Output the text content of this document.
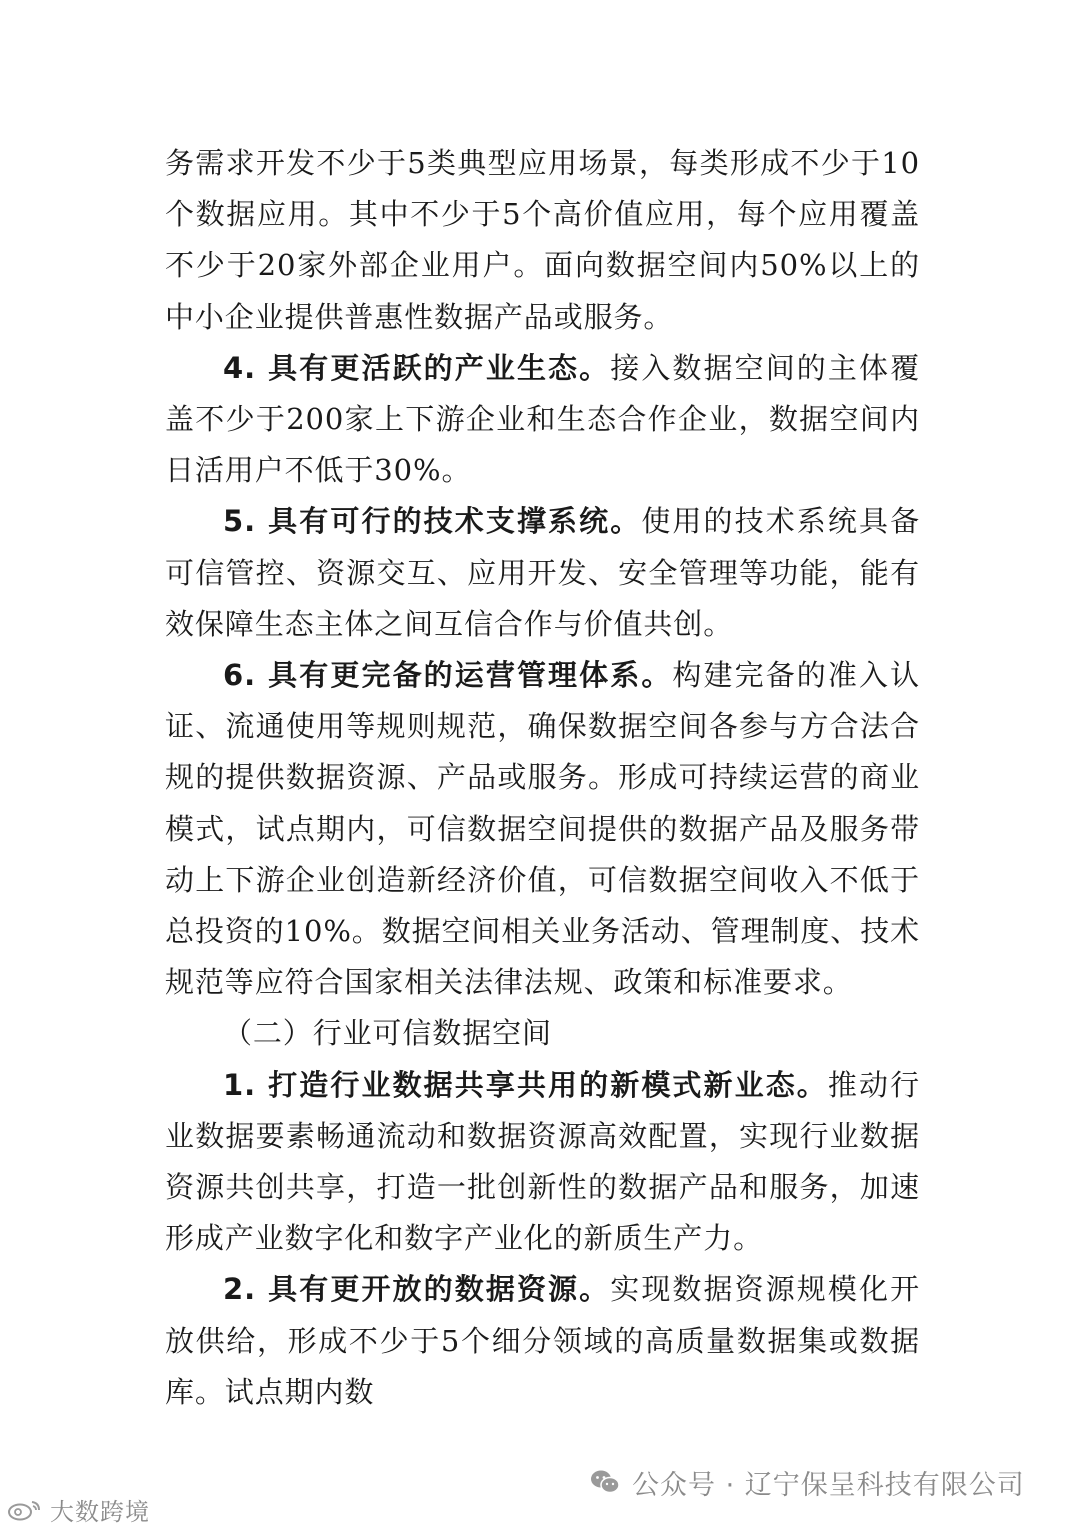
务需求开发不少于5类典型应用场景，每类形成不少于10个数据应用。其中不少于5个高价值应用，每个应用覆盖不少于20家外部企业用户。面向数据空间内50%以上的中小企业提供普惠性数据产品或服务。

4. 具有更活跃的产业生态。接入数据空间的主体覆盖不少于200家上下游企业和生态合作企业，数据空间内日活用户不低于30%。

5. 具有可行的技术支撑系统。使用的技术系统具备可信管控、资源交互、应用开发、安全管理等功能，能有效保障生态主体之间互信合作与价值共创。

6. 具有更完备的运营管理体系。构建完备的准入认证、流通使用等规则规范，确保数据空间各参与方合法合规的提供数据资源、产品或服务。形成可持续运营的商业模式，试点期内，可信数据空间提供的数据产品及服务带动上下游企业创造新经济价值，可信数据空间收入不低于总投资的10%。数据空间相关业务活动、管理制度、技术规范等应符合国家相关法律法规、政策和标准要求。

（二）行业可信数据空间

1. 打造行业数据共享共用的新模式新业态。推动行业数据要素畅通流动和数据资源高效配置，实现行业数据资源共创共享，打造一批创新性的数据产品和服务，加速形成产业数字化和数字产业化的新质生产力。

2. 具有更开放的数据资源。实现数据资源规模化开放供给，形成不少于5个细分领域的高质量数据集或数据库。试点期内数

公众号 · 辽宁保呈科技有限公司
大数跨境
